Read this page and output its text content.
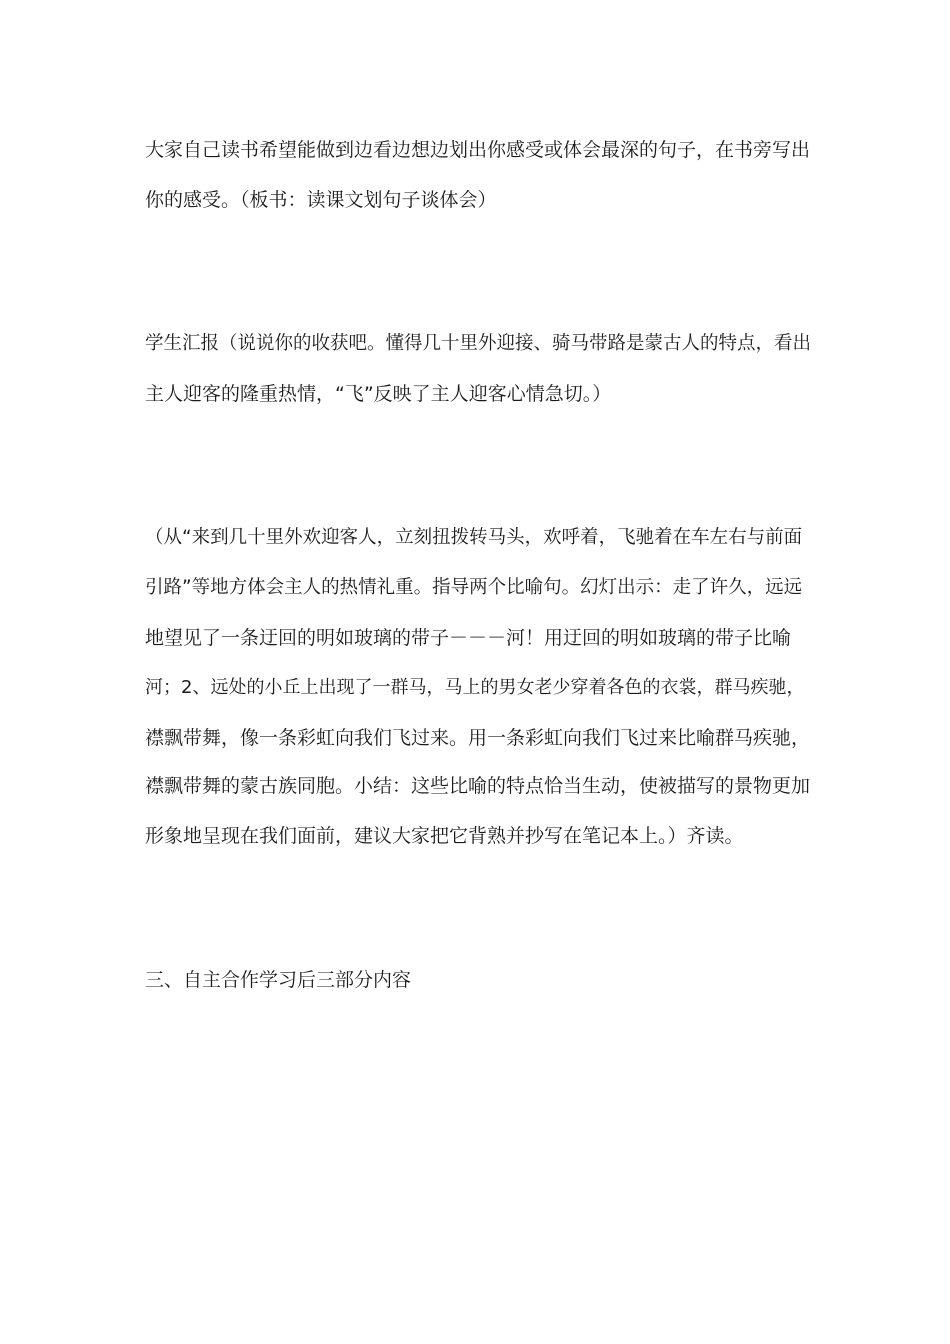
大家自己读书希望能做到边看边想边划出你感受或体会最深的句子，在书旁写出
你的感受。（板书：读课文划句子谈体会）
学生汇报（说说你的收获吧。懂得几十里外迎接、骑马带路是蒙古人的特点，看出
主人迎客的隆重热情，“飞”反映了主人迎客心情急切。）
（从“来到几十里外欢迎客人，立刻扭拨转马头，欢呼着，飞驰着在车左右与前面
引路”等地方体会主人的热情礼重。指导两个比喻句。幻灯出示：走了许久，远远
地望见了一条迂回的明如玻璃的带子－－－河！用迂回的明如玻璃的带子比喻
河；2、远处的小丘上出现了一群马，马上的男女老少穿着各色的衣裳，群马疾驰，
襟飘带舞，像一条彩虹向我们飞过来。用一条彩虹向我们飞过来比喻群马疾驰，
襟飘带舞的蒙古族同胞。小结：这些比喻的特点恰当生动，使被描写的景物更加
形象地呈现在我们面前，建议大家把它背熟并抄写在笔记本上。）齐读。
三、自主合作学习后三部分内容
